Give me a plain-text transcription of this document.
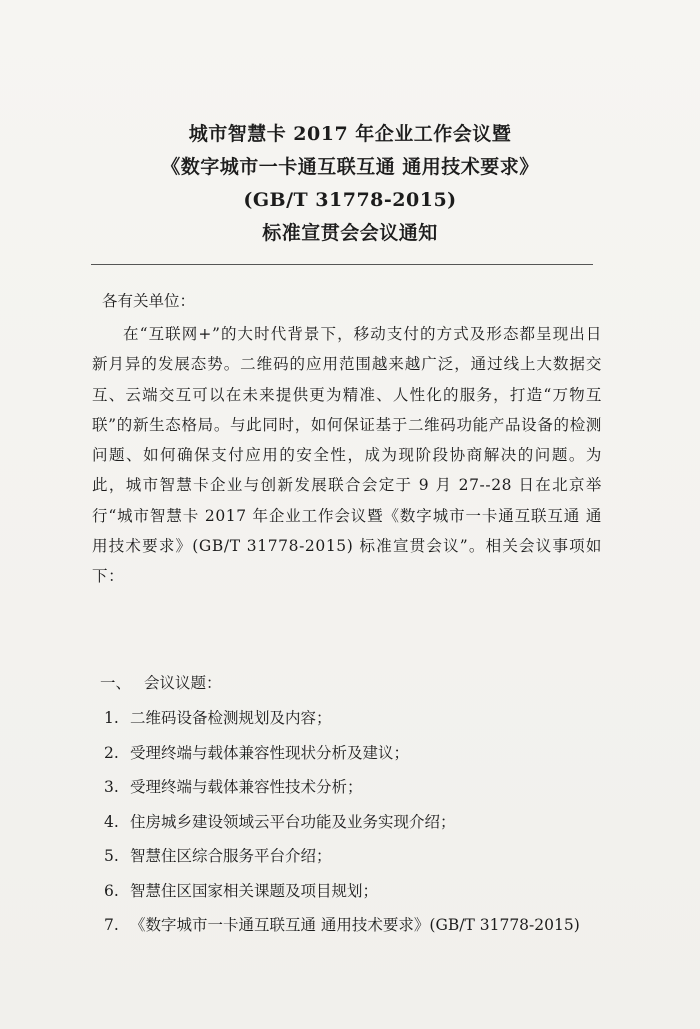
城市智慧卡 2017 年企业工作会议暨
《数字城市一卡通互联互通 通用技术要求》
(GB/T 31778-2015)
标准宣贯会会议通知

各有关单位：

在“互联网+”的大时代背景下，移动支付的方式及形态都呈现出日新月异的发展态势。二维码的应用范围越来越广泛，通过线上大数据交互、云端交互可以在未来提供更为精准、人性化的服务，打造“万物互联”的新生态格局。与此同时，如何保证基于二维码功能产品设备的检测问题、如何确保支付应用的安全性，成为现阶段协商解决的问题。为此，城市智慧卡企业与创新发展联合会定于 9 月 27--28 日在北京举行“城市智慧卡 2017 年企业工作会议暨《数字城市一卡通互联互通 通用技术要求》(GB/T 31778-2015) 标准宣贯会议”。相关会议事项如下：

一、 会议议题：
1. 二维码设备检测规划及内容；
2. 受理终端与载体兼容性现状分析及建议；
3. 受理终端与载体兼容性技术分析；
4. 住房城乡建设领域云平台功能及业务实现介绍；
5. 智慧住区综合服务平台介绍；
6. 智慧住区国家相关课题及项目规划；
7. 《数字城市一卡通互联互通 通用技术要求》(GB/T 31778-2015)
